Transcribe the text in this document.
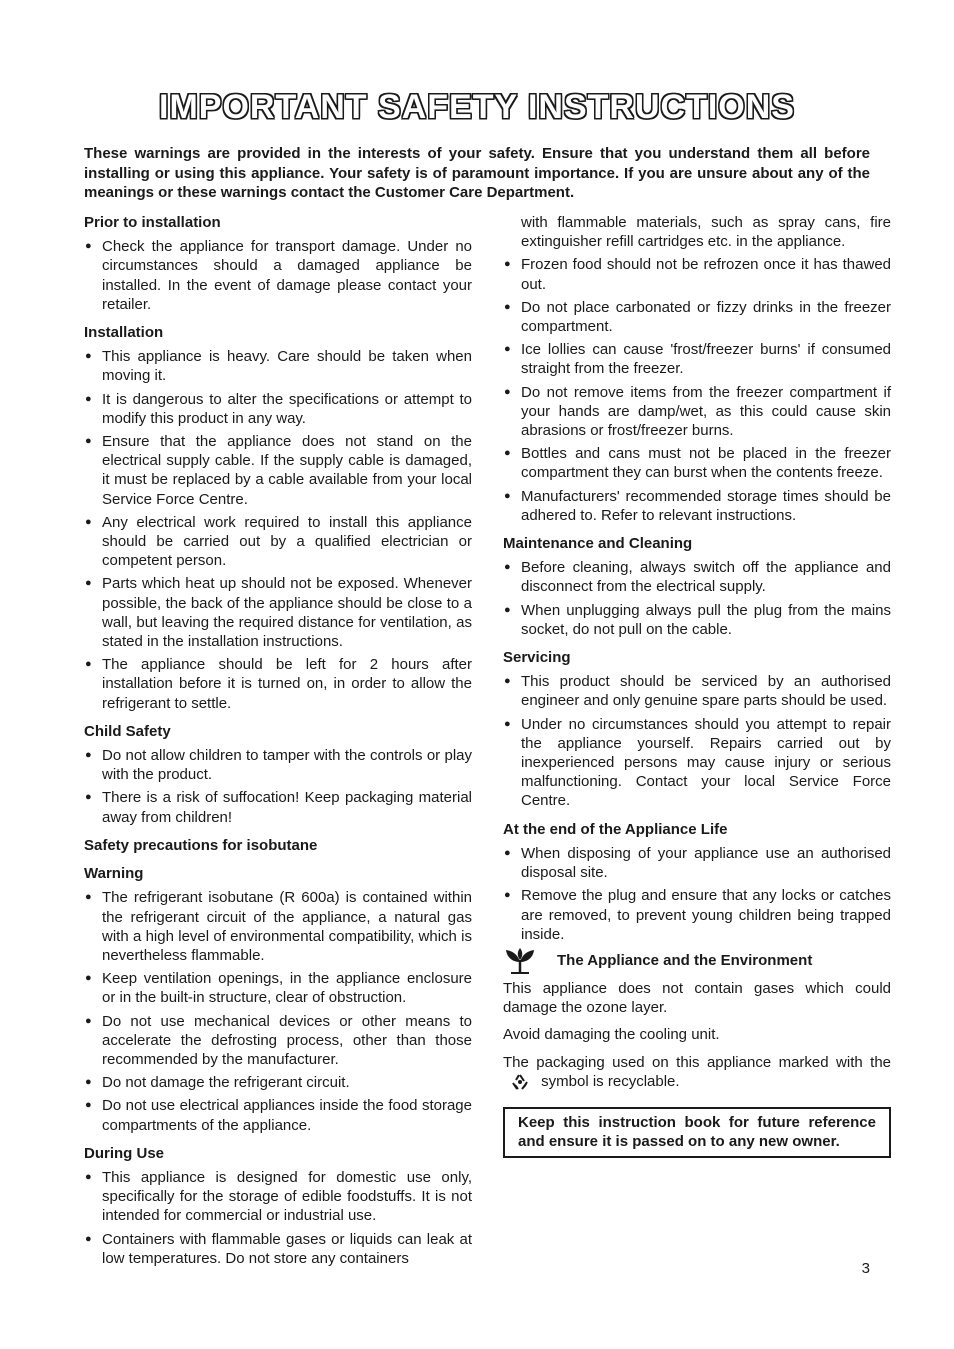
IMPORTANT SAFETY INSTRUCTIONS IMPORTANT SAFETY INSTRUCTIONS

These warnings are provided in the interests of your safety. Ensure that you understand them all before installing or using this appliance. Your safety is of paramount importance. If you are unsure about any of the meanings or these warnings contact the Customer Care Department.

Prior to installation
● Check the appliance for transport damage. Under no circumstances should a damaged appliance be installed. In the event of damage please contact your retailer.
Installation
● This appliance is heavy. Care should be taken when moving it.
● It is dangerous to alter the specifications or attempt to modify this product in any way.
● Ensure that the appliance does not stand on the electrical supply cable. If the supply cable is damaged, it must be replaced by a cable available from your local Service Force Centre.
● Any electrical work required to install this appliance should be carried out by a qualified electrician or competent person.
● Parts which heat up should not be exposed. Whenever possible, the back of the appliance should be close to a wall, but leaving the required distance for ventilation, as stated in the installation instructions.
● The appliance should be left for 2 hours after installation before it is turned on, in order to allow the refrigerant to settle.
Child Safety
● Do not allow children to tamper with the controls or play with the product.
● There is a risk of suffocation! Keep packaging material away from children!
Safety precautions for isobutane
Warning
● The refrigerant isobutane (R 600a) is contained within the refrigerant circuit of the appliance, a natural gas with a high level of environmental compatibility, which is nevertheless flammable.
● Keep ventilation openings, in the appliance enclosure or in the built-in structure, clear of obstruction.
● Do not use mechanical devices or other means to accelerate the defrosting process, other than those recommended by the manufacturer.
● Do not damage the refrigerant circuit.
● Do not use electrical appliances inside the food storage compartments of the appliance.
During Use
● This appliance is designed for domestic use only, specifically for the storage of edible foodstuffs. It is not intended for commercial or industrial use.
● Containers with flammable gases or liquids can leak at low temperatures. Do not store any containers

with flammable materials, such as spray cans, fire extinguisher refill cartridges etc. in the appliance.

● Frozen food should not be refrozen once it has thawed out.
● Do not place carbonated or fizzy drinks in the freezer compartment.
● Ice lollies can cause 'frost/freezer burns' if consumed straight from the freezer.
● Do not remove items from the freezer compartment if your hands are damp/wet, as this could cause skin abrasions or frost/freezer burns.
● Bottles and cans must not be placed in the freezer compartment they can burst when the contents freeze.
● Manufacturers' recommended storage times should be adhered to. Refer to relevant instructions.
Maintenance and Cleaning
● Before cleaning, always switch off the appliance and disconnect from the electrical supply.
● When unplugging always pull the plug from the mains socket, do not pull on the cable.
Servicing
● This product should be serviced by an authorised engineer and only genuine spare parts should be used.
● Under no circumstances should you attempt to repair the appliance yourself. Repairs carried out by inexperienced persons may cause injury or serious malfunctioning. Contact your local Service Force Centre.
At the end of the Appliance Life
● When disposing of your appliance use an authorised disposal site.
● Remove the plug and ensure that any locks or catches are removed, to prevent young children being trapped inside.
The Appliance and the Environment

This appliance does not contain gases which could damage the ozone layer.

Avoid damaging the cooling unit.

The packaging used on this appliance marked with the  symbol is recyclable.

Keep this instruction book for future reference and ensure it is passed on to any new owner.
3
